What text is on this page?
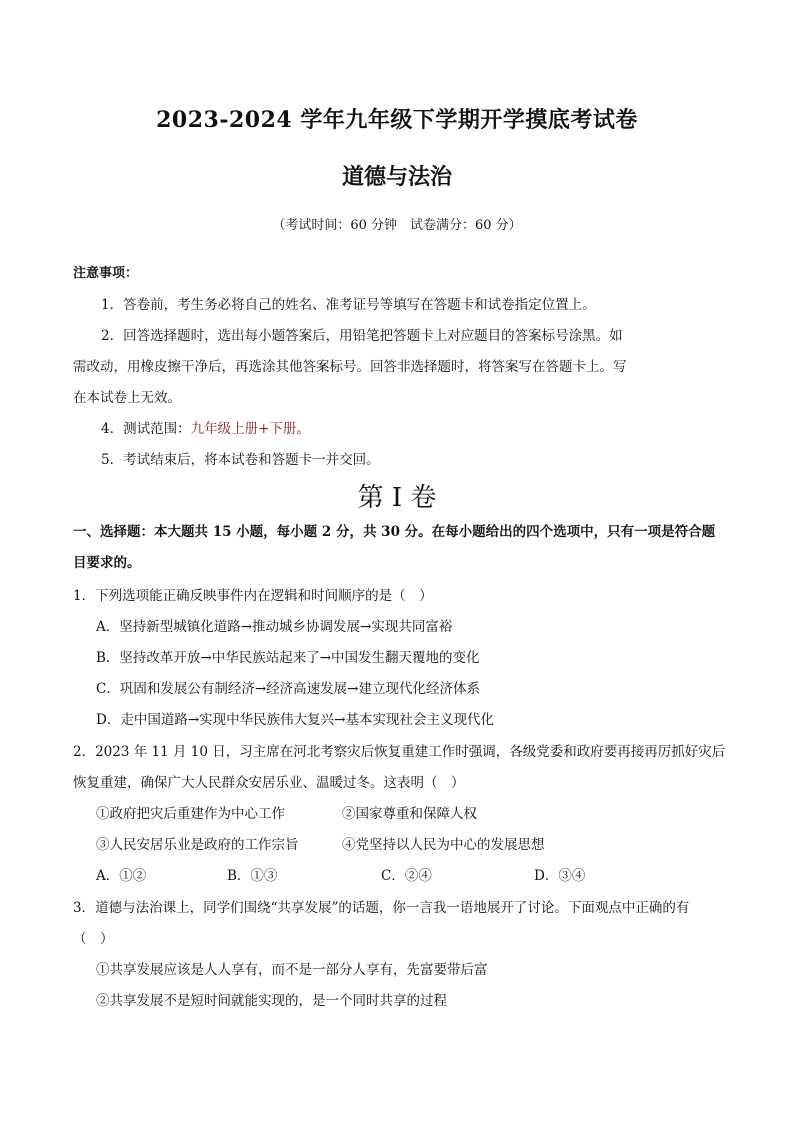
2023-2024 学年九年级下学期开学摸底考试卷
道德与法治
（考试时间：60 分钟　试卷满分：60 分）
注意事项：
1．答卷前，考生务必将自己的姓名、准考证号等填写在答题卡和试卷指定位置上。
2．回答选择题时，选出每小题答案后，用铅笔把答题卡上对应题目的答案标号涂黑。如
需改动，用橡皮擦干净后，再选涂其他答案标号。回答非选择题时，将答案写在答题卡上。写
在本试卷上无效。
4．测试范围：九年级上册+下册。
5．考试结束后，将本试卷和答题卡一并交回。
第 I 卷
一、选择题：本大题共 15 小题，每小题 2 分，共 30 分。在每小题给出的四个选项中，只有一项是符合题
目要求的。
1．下列选项能正确反映事件内在逻辑和时间顺序的是（　）
A．坚持新型城镇化道路→推动城乡协调发展→实现共同富裕
B．坚持改革开放→中华民族站起来了→中国发生翻天覆地的变化
C．巩固和发展公有制经济→经济高速发展→建立现代化经济体系
D．走中国道路→实现中华民族伟大复兴→基本实现社会主义现代化
2．2023 年 11 月 10 日，习主席在河北考察灾后恢复重建工作时强调，各级党委和政府要再接再厉抓好灾后
恢复重建，确保广大人民群众安居乐业、温暖过冬。这表明（　）
①政府把灾后重建作为中心工作	②国家尊重和保障人权
③人民安居乐业是政府的工作宗旨	④党坚持以人民为中心的发展思想
A．①②	B．①③	C．②④	D．③④
3．道德与法治课上，同学们围绕“共享发展”的话题，你一言我一语地展开了讨论。下面观点中正确的有
（　）
①共享发展应该是人人享有，而不是一部分人享有，先富要带后富
②共享发展不是短时间就能实现的，是一个同时共享的过程
